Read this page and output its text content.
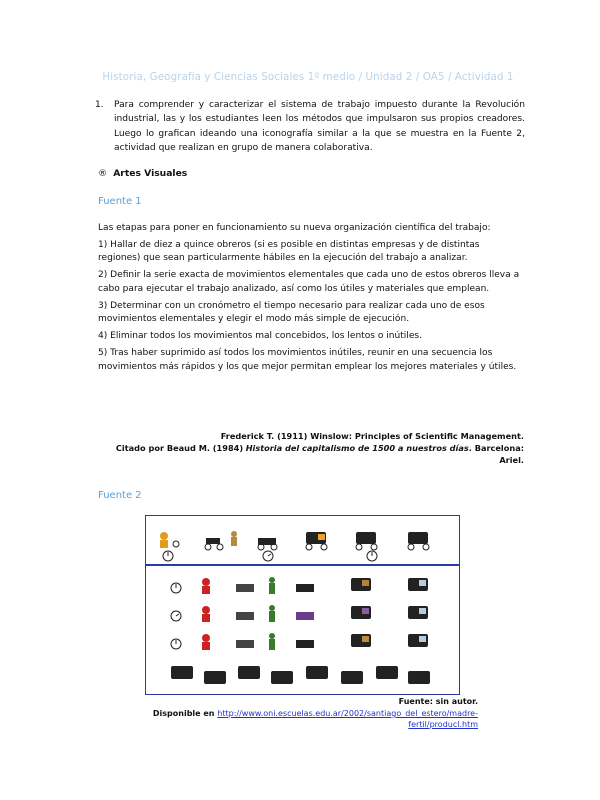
Historia, Geografía y Ciencias Sociales 1º medio / Unidad 2 / OA5 / Actividad 1
1. Para comprender y caracterizar el sistema de trabajo impuesto durante la Revolución industrial, las y los estudiantes leen los métodos que impulsaron sus propios creadores. Luego lo grafican ideando una iconografía similar a la que se muestra en la Fuente 2, actividad que realizan en grupo de manera colaborativa.
® Artes Visuales
Fuente 1

Las etapas para poner en funcionamiento su nueva organización científica del trabajo:

1) Hallar de diez a quince obreros (si es posible en distintas empresas y de distintas regiones) que sean particularmente hábiles en la ejecución del trabajo a analizar.

2) Definir la serie exacta de movimientos elementales que cada uno de estos obreros lleva a cabo para ejecutar el trabajo analizado, así como los útiles y materiales que emplean.

3) Determinar con un cronómetro el tiempo necesario para realizar cada uno de esos movimientos elementales y elegir el modo más simple de ejecución.

4) Eliminar todos los movimientos mal concebidos, los lentos o inútiles.

5) Tras haber suprimido así todos los movimientos inútiles, reunir en una secuencia los movimientos más rápidos y los que mejor permitan emplear los mejores materiales y útiles.

Frederick T. (1911) Winslow: Principles of Scientific Management.
Citado por Beaud M. (1984) Historia del capitalismo de 1500 a nuestros días. Barcelona: Ariel.
Fuente 2
Fuente: sin autor.
Disponible en http://www.oni.escuelas.edu.ar/2002/santiago_del_estero/madre-fertil/producl.htm
